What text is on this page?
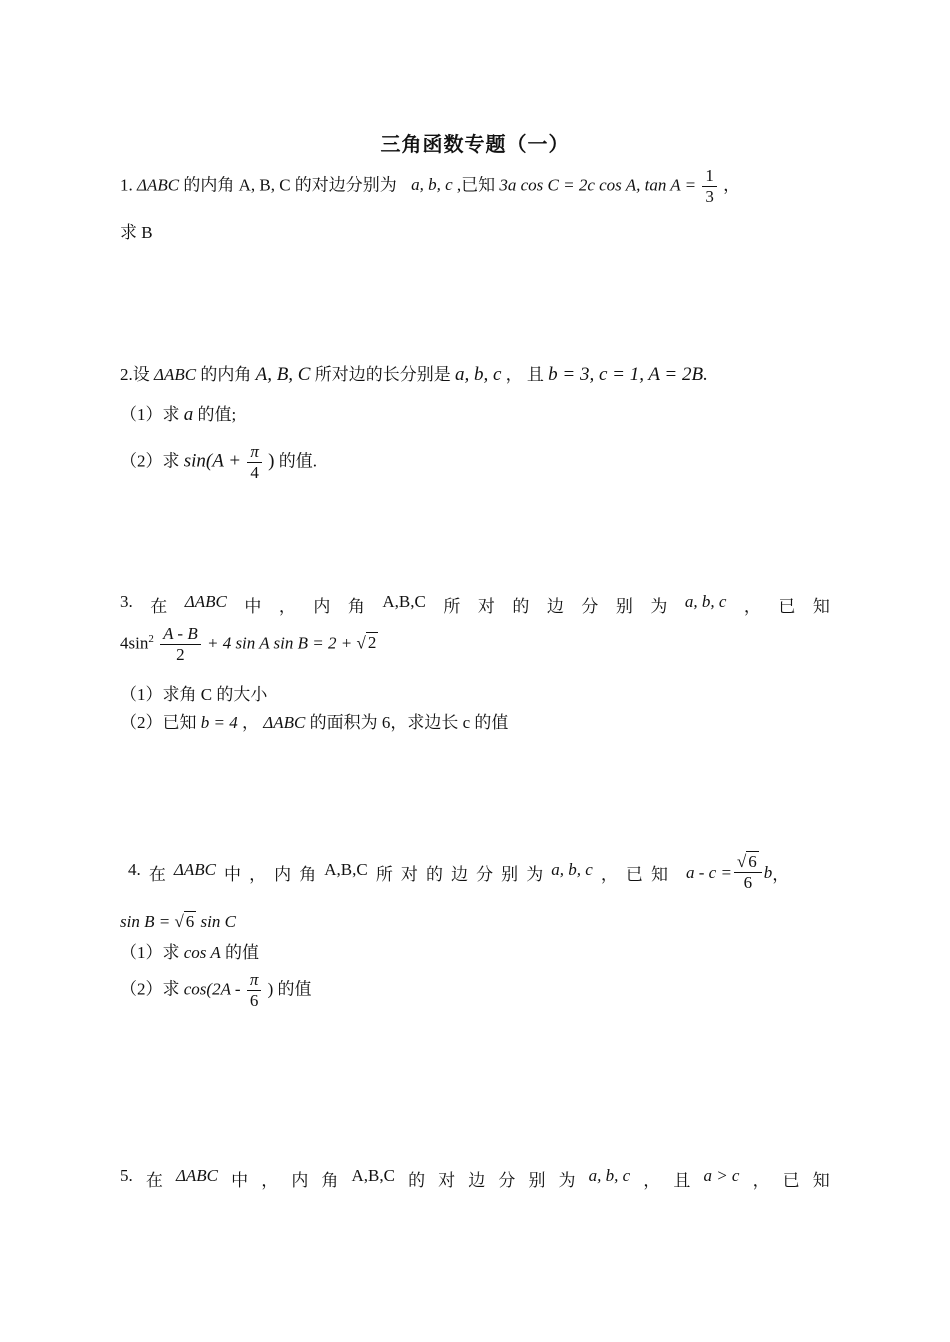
三角函数专题（一）
1. ΔABC 的内角 A, B, C 的对边分别为 a, b, c ,已知 3a cos C = 2c cos A, $\tan A = \frac{1}{3}$ ，
求 B
2.设 ΔABC 的内角 A, B, C 所对边的长分别是 a, b, c ， 且 b = 3, c = 1, A = 2B.
（1）求 a 的值;
（2）求 $\sin(A + \frac{\pi}{4}$ ) 的值.
3. 在 ΔABC 中 ， 内 角 A,B,C 所 对 的 边 分 别 为 a, b, c ， 已 知
$4\sin^2 \frac{A - B}{2} + 4$ sin A sin B = 2 + √ 2
（1）求角 C 的大小
（2）已知 b = 4 ， ΔABC 的面积为 6，求边长 c 的值
4. 在 ΔABC 中 ， 内 角 A,B,C 所 对 的 边 分 别 为 a, b, c ， 已 知 $a - c = \frac{√ 6}{6}$ b ，
sin B = √ 6 sin C
（1）求 cos A 的值
（2）求 $\cos(2A - \frac{\pi}{6}$ ) 的值
5. 在 ΔABC 中 ， 内 角 A,B,C 的 对 边 分 别 为 a, b, c ， 且 a > c ， 已 知
